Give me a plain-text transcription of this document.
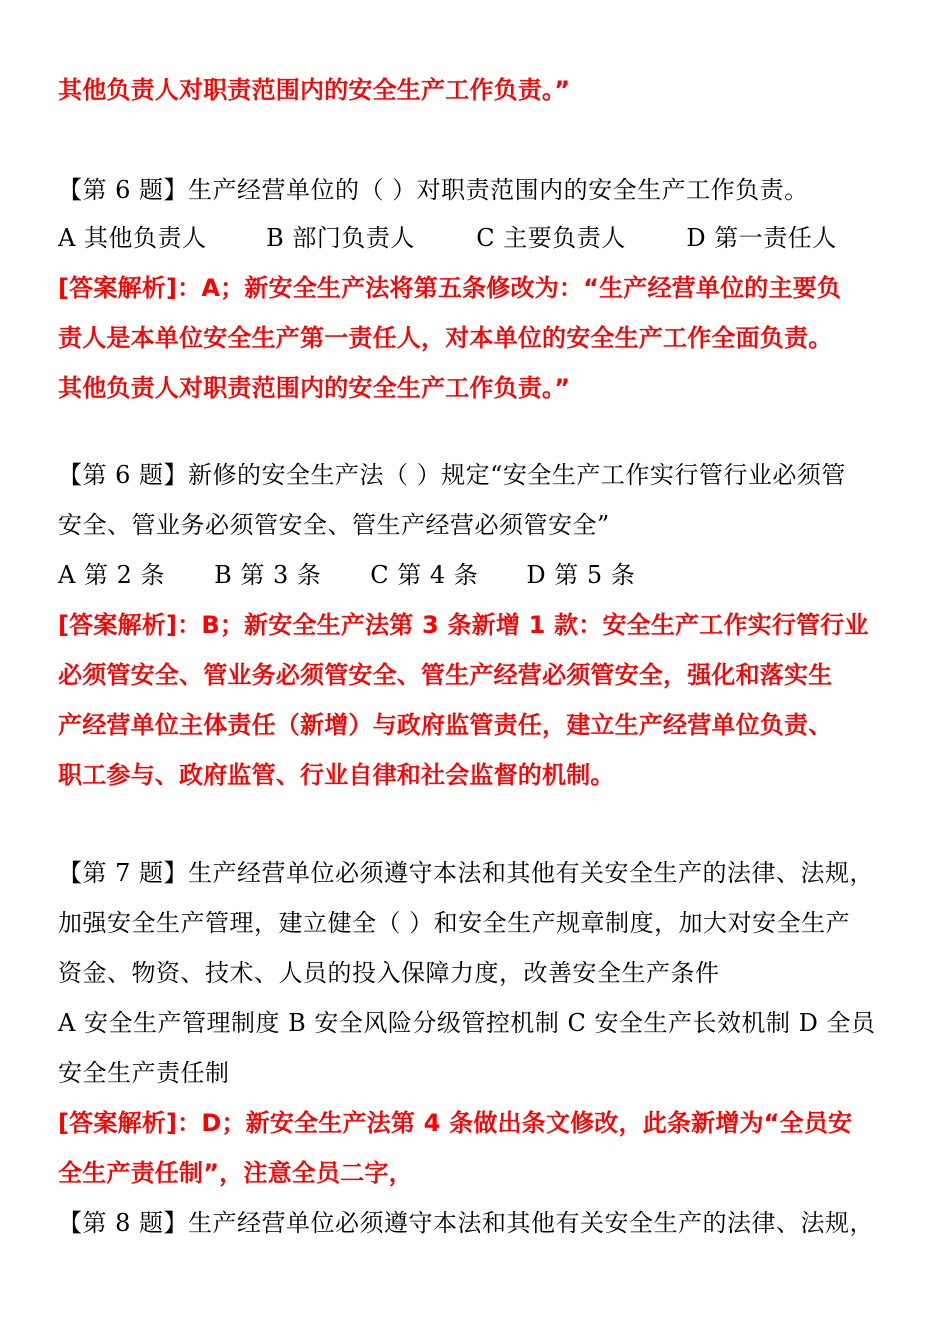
其他负责人对职责范围内的安全生产工作负责。”
【第 6 题】生产经营单位的（ ）对职责范围内的安全生产工作负责。
A 其他负责人 B 部门负责人	C 主要负责人	D 第一责任人
[答案解析]：A；新安全生产法将第五条修改为：“生产经营单位的主要负
责人是本单位安全生产第一责任人，对本单位的安全生产工作全面负责。
其他负责人对职责范围内的安全生产工作负责。”
【第 6 题】新修的安全生产法（ ）规定“安全生产工作实行管行业必须管
安全、管业务必须管安全、管生产经营必须管安全”
A 第 2 条 B 第 3 条 C 第 4 条 D 第 5 条
[答案解析]：B；新安全生产法第 3 条新增 1 款：安全生产工作实行管行业
必须管安全、管业务必须管安全、管生产经营必须管安全，强化和落实生
产经营单位主体责任（新增）与政府监管责任，建立生产经营单位负责、
职工参与、政府监管、行业自律和社会监督的机制。
【第 7 题】生产经营单位必须遵守本法和其他有关安全生产的法律、法规，
加强安全生产管理，建立健全（ ）和安全生产规章制度，加大对安全生产
资金、物资、技术、人员的投入保障力度，改善安全生产条件
A 安全生产管理制度 B 安全风险分级管控机制 C 安全生产长效机制 D 全员
安全生产责任制
[答案解析]：D；新安全生产法第 4 条做出条文修改，此条新增为“全员安
全生产责任制”，注意全员二字，
【第 8 题】生产经营单位必须遵守本法和其他有关安全生产的法律、法规，
